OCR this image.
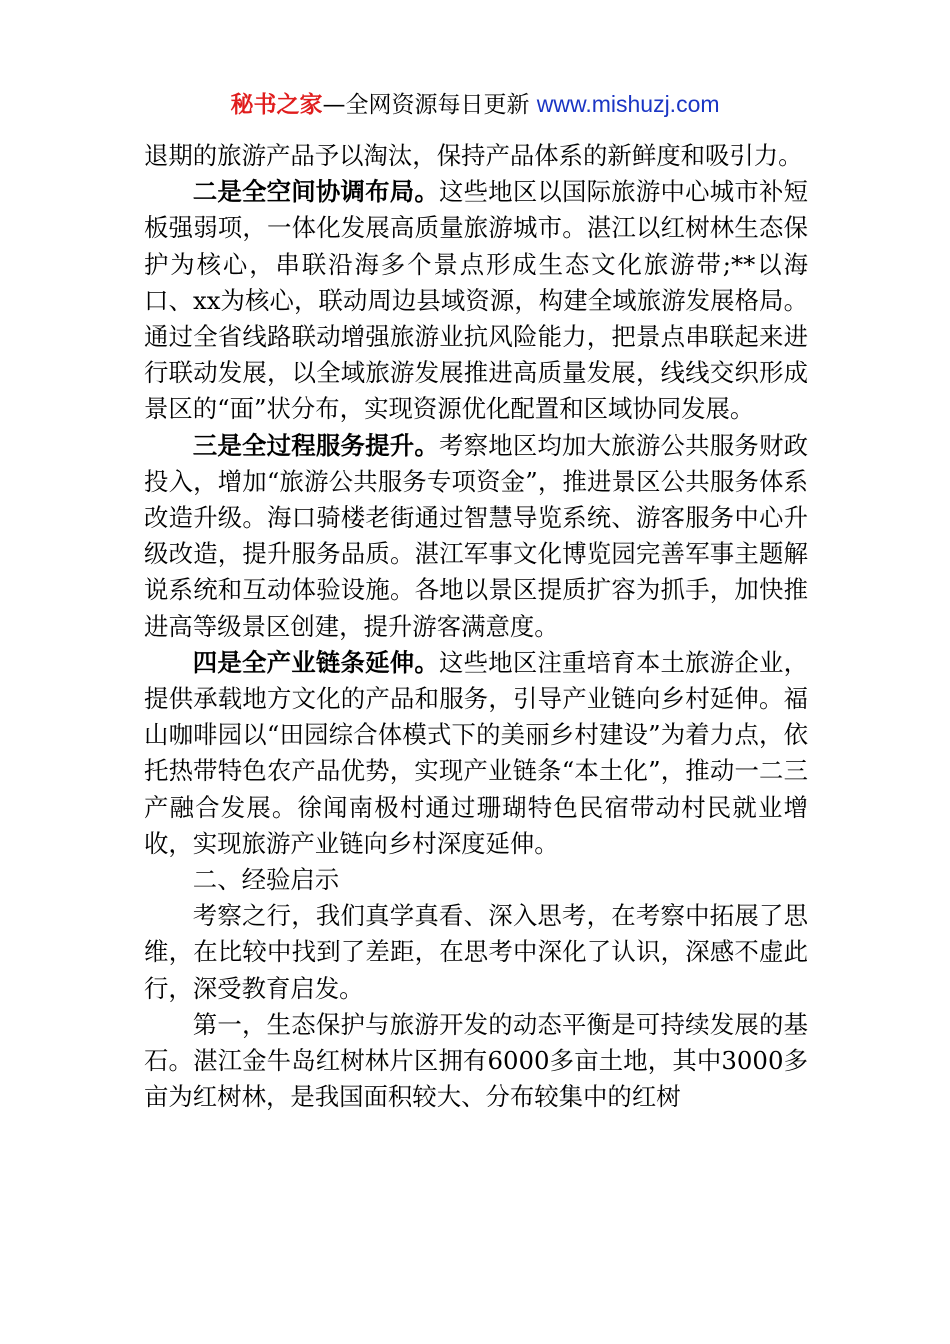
秘书之家—全网资源每日更新 www.mishuzj.com

退期的旅游产品予以淘汰，保持产品体系的新鲜度和吸引力。

二是全空间协调布局。这些地区以国际旅游中心城市补短板强弱项，一体化发展高质量旅游城市。湛江以红树林生态保护为核心，串联沿海多个景点形成生态文化旅游带;**以海口、xx为核心，联动周边县域资源，构建全域旅游发展格局。通过全省线路联动增强旅游业抗风险能力，把景点串联起来进行联动发展，以全域旅游发展推进高质量发展，线线交织形成景区的“面”状分布，实现资源优化配置和区域协同发展。

三是全过程服务提升。考察地区均加大旅游公共服务财政投入，增加“旅游公共服务专项资金”，推进景区公共服务体系改造升级。海口骑楼老街通过智慧导览系统、游客服务中心升级改造，提升服务品质。湛江军事文化博览园完善军事主题解说系统和互动体验设施。各地以景区提质扩容为抓手，加快推进高等级景区创建，提升游客满意度。

四是全产业链条延伸。这些地区注重培育本土旅游企业，提供承载地方文化的产品和服务，引导产业链向乡村延伸。福山咖啡园以“田园综合体模式下的美丽乡村建设”为着力点，依托热带特色农产品优势，实现产业链条“本土化”，推动一二三产融合发展。徐闻南极村通过珊瑚特色民宿带动村民就业增收，实现旅游产业链向乡村深度延伸。

二、经验启示

考察之行，我们真学真看、深入思考，在考察中拓展了思维，在比较中找到了差距，在思考中深化了认识，深感不虚此行，深受教育启发。

第一，生态保护与旅游开发的动态平衡是可持续发展的基石。湛江金牛岛红树林片区拥有6000多亩土地，其中3000多亩为红树林，是我国面积较大、分布较集中的红树
